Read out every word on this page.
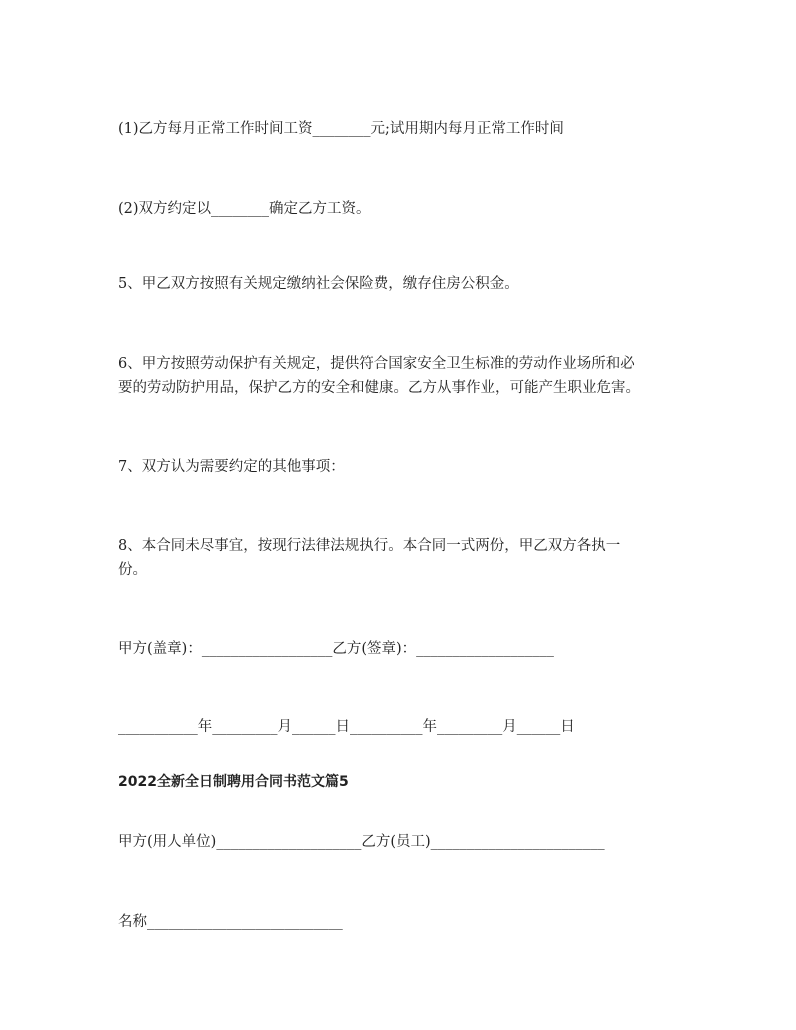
(1)乙方每月正常工作时间工资________元;试用期内每月正常工作时间
(2)双方约定以________确定乙方工资。
5、甲乙双方按照有关规定缴纳社会保险费，缴存住房公积金。
6、甲方按照劳动保护有关规定，提供符合国家安全卫生标准的劳动作业场所和必
要的劳动防护用品，保护乙方的安全和健康。乙方从事作业，可能产生职业危害。
7、双方认为需要约定的其他事项：
8、本合同未尽事宜，按现行法律法规执行。本合同一式两份，甲乙双方各执一
份。
甲方(盖章)：__________________乙方(签章)：___________________
___________年_________月______日__________年_________月______日
2022全新全日制聘用合同书范文篇5
甲方(用人单位)____________________乙方(员工)________________________
名称___________________________
